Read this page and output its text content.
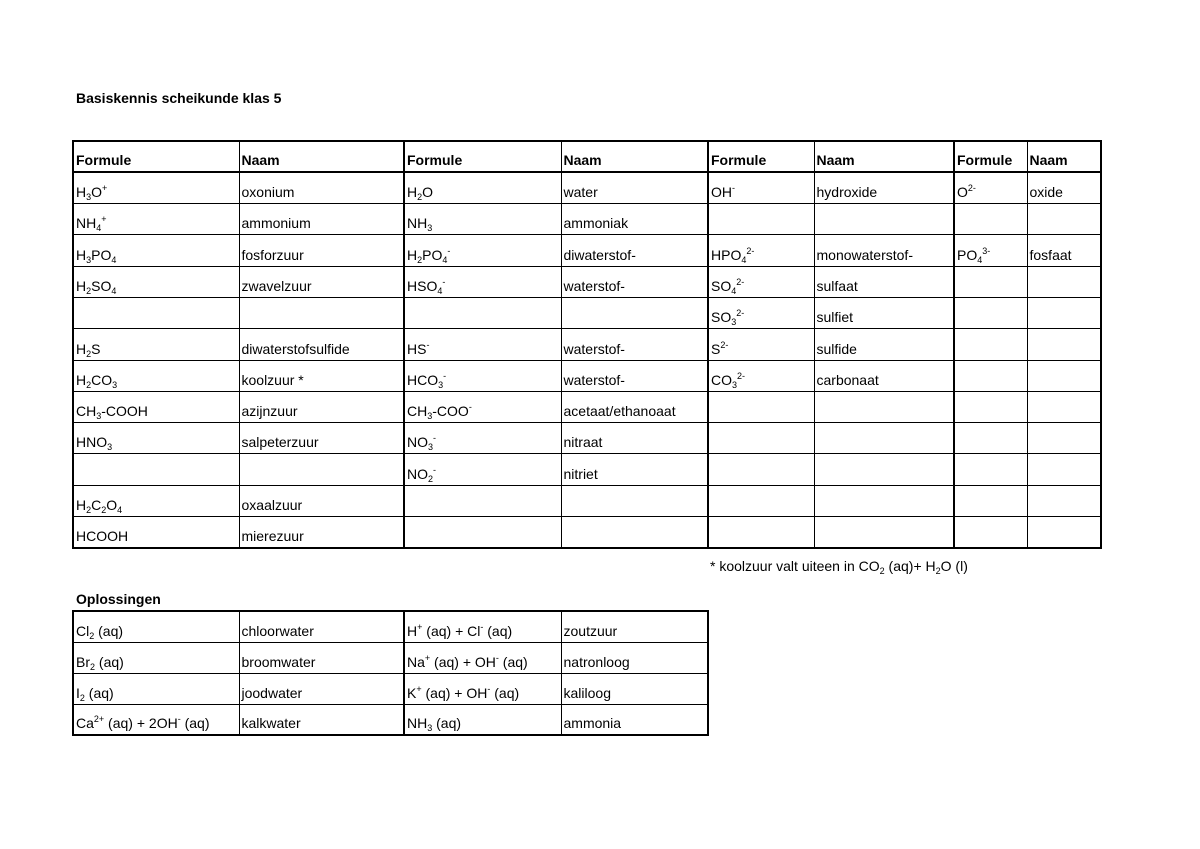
Basiskennis scheikunde klas 5
Formule	Naam	Formule	Naam	Formule	Naam	Formule	Naam
$H_3O^+$	oxonium	$H_2O$	water	OH-	hydroxide	$O^{2-}$	oxide
$NH_4^+$	ammonium	$NH_3$	ammoniak				
$H_3PO_4$	fosforzuur	$H_2PO_4^-$	diwaterstof-	$HPO_4^{2-}$	monowaterstof-	$PO_4^{3-}$	fosfaat
$H_2SO_4$	zwavelzuur	$HSO_4^-$	waterstof-	$SO_4^{2-}$	sulfaat		
				$SO_3^{2-}$	sulfiet		
$H_2S$	diwaterstofsulfide	HS-	waterstof-	$S^{2-}$	sulfide		
$H_2CO_3$	koolzuur *	$HCO_3^-$	waterstof-	$CO_3^{2-}$	carbonaat		
$CH_3$-COOH	azijnzuur	$CH_3-COO^-$	acetaat/ethanoaat				
$HNO_3$	salpeterzuur	$NO_3^-$	nitraat				
		$NO_2^-$	nitriet				
$H_2C_2O_4$	oxaalzuur						
HCOOH	mierezuur						
* koolzuur valt uiteen in $CO_2$ $(aq)+ H_2O$ (l)
Oplossingen
$Cl_2$ (aq)	chloorwater	H+ (aq) + Cl- (aq)	zoutzuur
$Br_2$ (aq)	broomwater	Na+ (aq) + OH- (aq)	natronloog
$I_2$ (aq)	joodwater	K+ (aq) + OH- (aq)	kaliloog
$Ca^{2+}$ (aq) + 2OH- (aq)	kalkwater	$NH_3$ (aq)	ammonia
